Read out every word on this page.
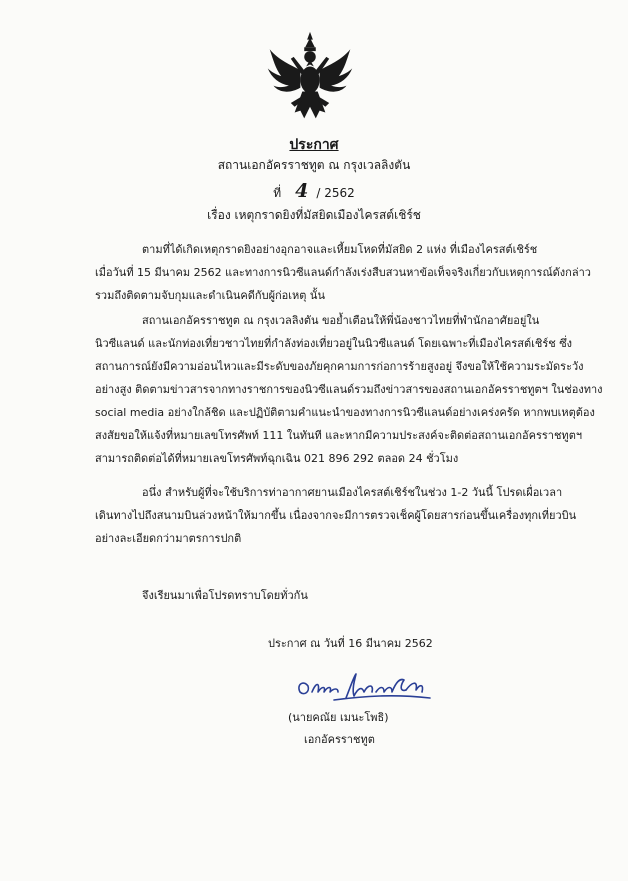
ประกาศ
สถานเอกอัครราชทูต ณ กรุงเวลลิงตัน
ที่ 4 / 2562
เรื่อง เหตุกราดยิงที่มัสยิดเมืองไครสต์เชิร์ช
ตามที่ได้เกิดเหตุกราดยิงอย่างอุกอาจและเหี้ยมโหดที่มัสยิด 2 แห่ง ที่เมืองไครสต์เชิร์ช
เมื่อวันที่ 15 มีนาคม 2562 และทางการนิวซีแลนด์กำลังเร่งสืบสวนหาข้อเท็จจริงเกี่ยวกับเหตุการณ์ดังกล่าว
รวมถึงติดตามจับกุมและดำเนินคดีกับผู้ก่อเหตุ นั้น
สถานเอกอัครราชทูต ณ กรุงเวลลิงตัน ขอย้ำเตือนให้พี่น้องชาวไทยที่พำนักอาศัยอยู่ใน
นิวซีแลนด์ และนักท่องเที่ยวชาวไทยที่กำลังท่องเที่ยวอยู่ในนิวซีแลนด์ โดยเฉพาะที่เมืองไครสต์เชิร์ช ซึ่ง
สถานการณ์ยังมีความอ่อนไหวและมีระดับของภัยคุกคามการก่อการร้ายสูงอยู่ จึงขอให้ใช้ความระมัดระวัง
อย่างสูง ติดตามข่าวสารจากทางราชการของนิวซีแลนด์รวมถึงข่าวสารของสถานเอกอัครราชทูตฯ ในช่องทาง
social media อย่างใกล้ชิด และปฏิบัติตามคำแนะนำของทางการนิวซีแลนด์อย่างเคร่งครัด หากพบเหตุต้อง
สงสัยขอให้แจ้งที่หมายเลขโทรศัพท์ 111 ในทันที และหากมีความประสงค์จะติดต่อสถานเอกอัครราชทูตฯ
สามารถติดต่อได้ที่หมายเลขโทรศัพท์ฉุกเฉิน 021 896 292 ตลอด 24 ชั่วโมง
อนึ่ง สำหรับผู้ที่จะใช้บริการท่าอากาศยานเมืองไครสต์เชิร์ชในช่วง 1-2 วันนี้ โปรดเผื่อเวลา
เดินทางไปถึงสนามบินล่วงหน้าให้มากขึ้น เนื่องจากจะมีการตรวจเช็คผู้โดยสารก่อนขึ้นเครื่องทุกเที่ยวบิน
อย่างละเอียดกว่ามาตรการปกติ
จึงเรียนมาเพื่อโปรดทราบโดยทั่วกัน
ประกาศ ณ วันที่ 16 มีนาคม 2562
(นายคณัย เมนะโพธิ)
เอกอัครราชทูต
